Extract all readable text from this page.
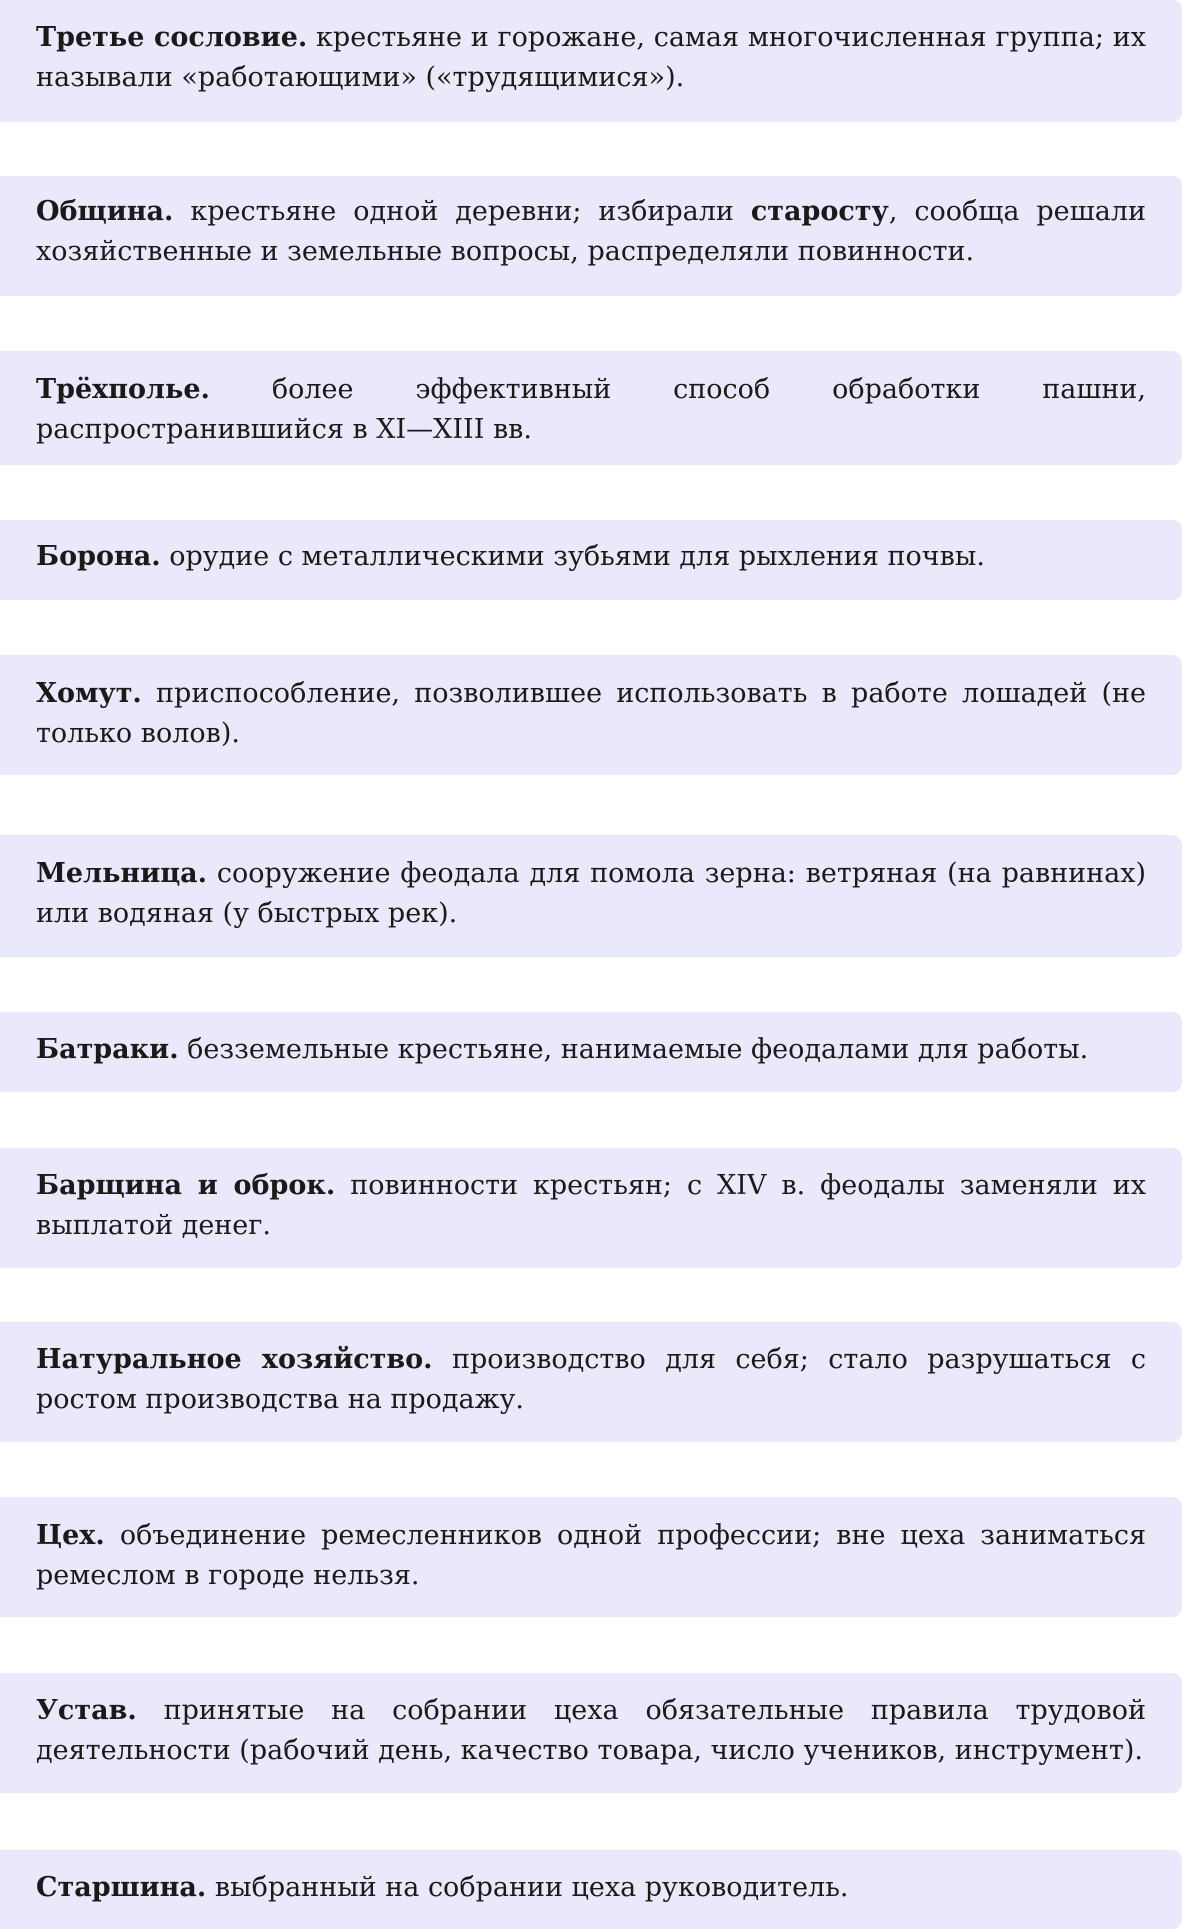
Третье сословие. крестьяне и горожане, самая многочисленная группа; их называли «работающими» («трудящимися»).

Община. крестьяне одной деревни; избирали старосту, сообща решали хозяйственные и земельные вопросы, распределяли повинности.

Трёхполье. более эффективный способ обработки пашни, распространившийся в XI—XIII вв.

Борона. орудие с металлическими зубьями для рыхления почвы.

Хомут. приспособление, позволившее использовать в работе лошадей (не только волов).

Мельница. сооружение феодала для помола зерна: ветряная (на равнинах) или водяная (у быстрых рек).

Батраки. безземельные крестьяне, нанимаемые феодалами для работы.

Барщина и оброк. повинности крестьян; с XIV в. феодалы заменяли их выплатой денег.

Натуральное хозяйство. производство для себя; стало разрушаться с ростом производства на продажу.

Цех. объединение ремесленников одной профессии; вне цеха заниматься ремеслом в городе нельзя.

Устав. принятые на собрании цеха обязательные правила трудовой деятельности (рабочий день, качество товара, число учеников, инструмент).

Старшина. выбранный на собрании цеха руководитель.
